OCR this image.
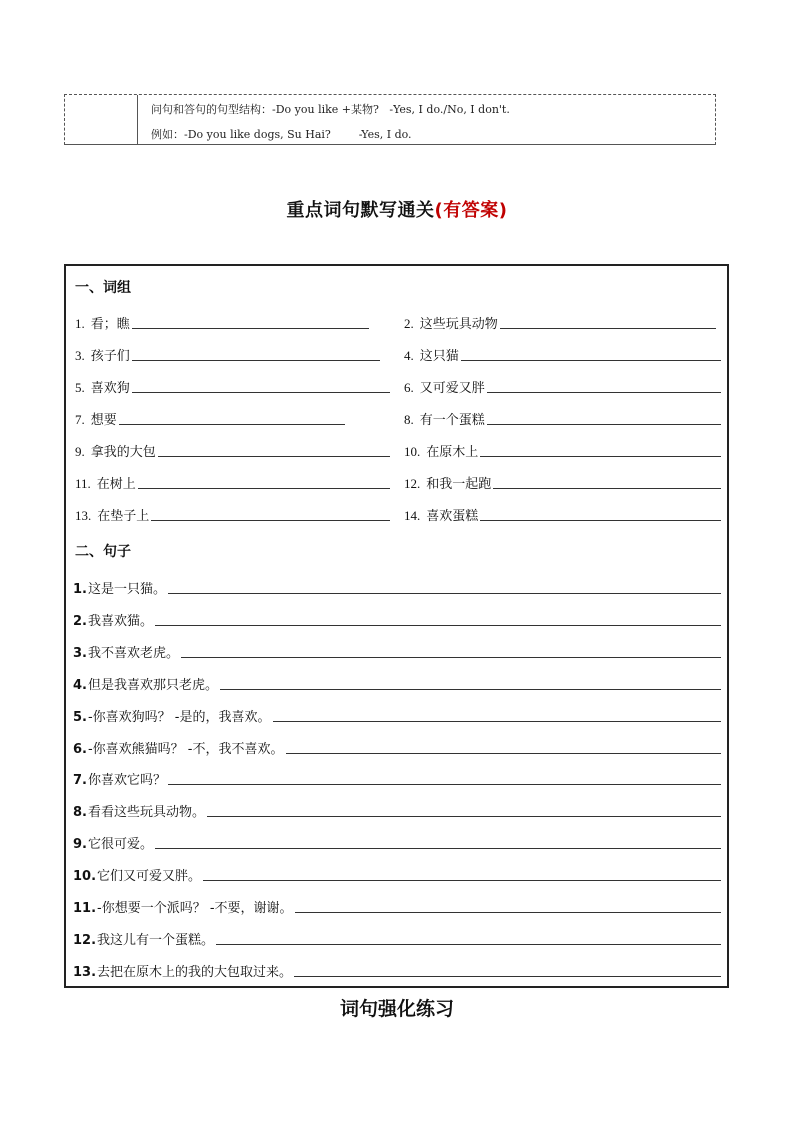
问句和答句的句型结构：-Do you like +某物?   -Yes, I do./No, I don't.
例如：-Do you like dogs, Su Hai?        -Yes, I do.
重点词句默写通关(有答案)
一、词组
1. 看；瞧	2. 这些玩具动物
3. 孩子们	4. 这只猫
5. 喜欢狗	6. 又可爱又胖
7. 想要	8. 有一个蛋糕
9. 拿我的大包	10. 在原木上
11. 在树上	12. 和我一起跑
13. 在垫子上	14. 喜欢蛋糕
二、句子
1. 这是一只猫。
2. 我喜欢猫。
3. 我不喜欢老虎。
4. 但是我喜欢那只老虎。
5. -你喜欢狗吗？ -是的，我喜欢。
6. -你喜欢熊猫吗？ -不，我不喜欢。
7. 你喜欢它吗？
8. 看看这些玩具动物。
9. 它很可爱。
10. 它们又可爱又胖。
11. -你想要一个派吗？ -不要，谢谢。
12. 我这儿有一个蛋糕。
13. 去把在原木上的我的大包取过来。
词句强化练习
